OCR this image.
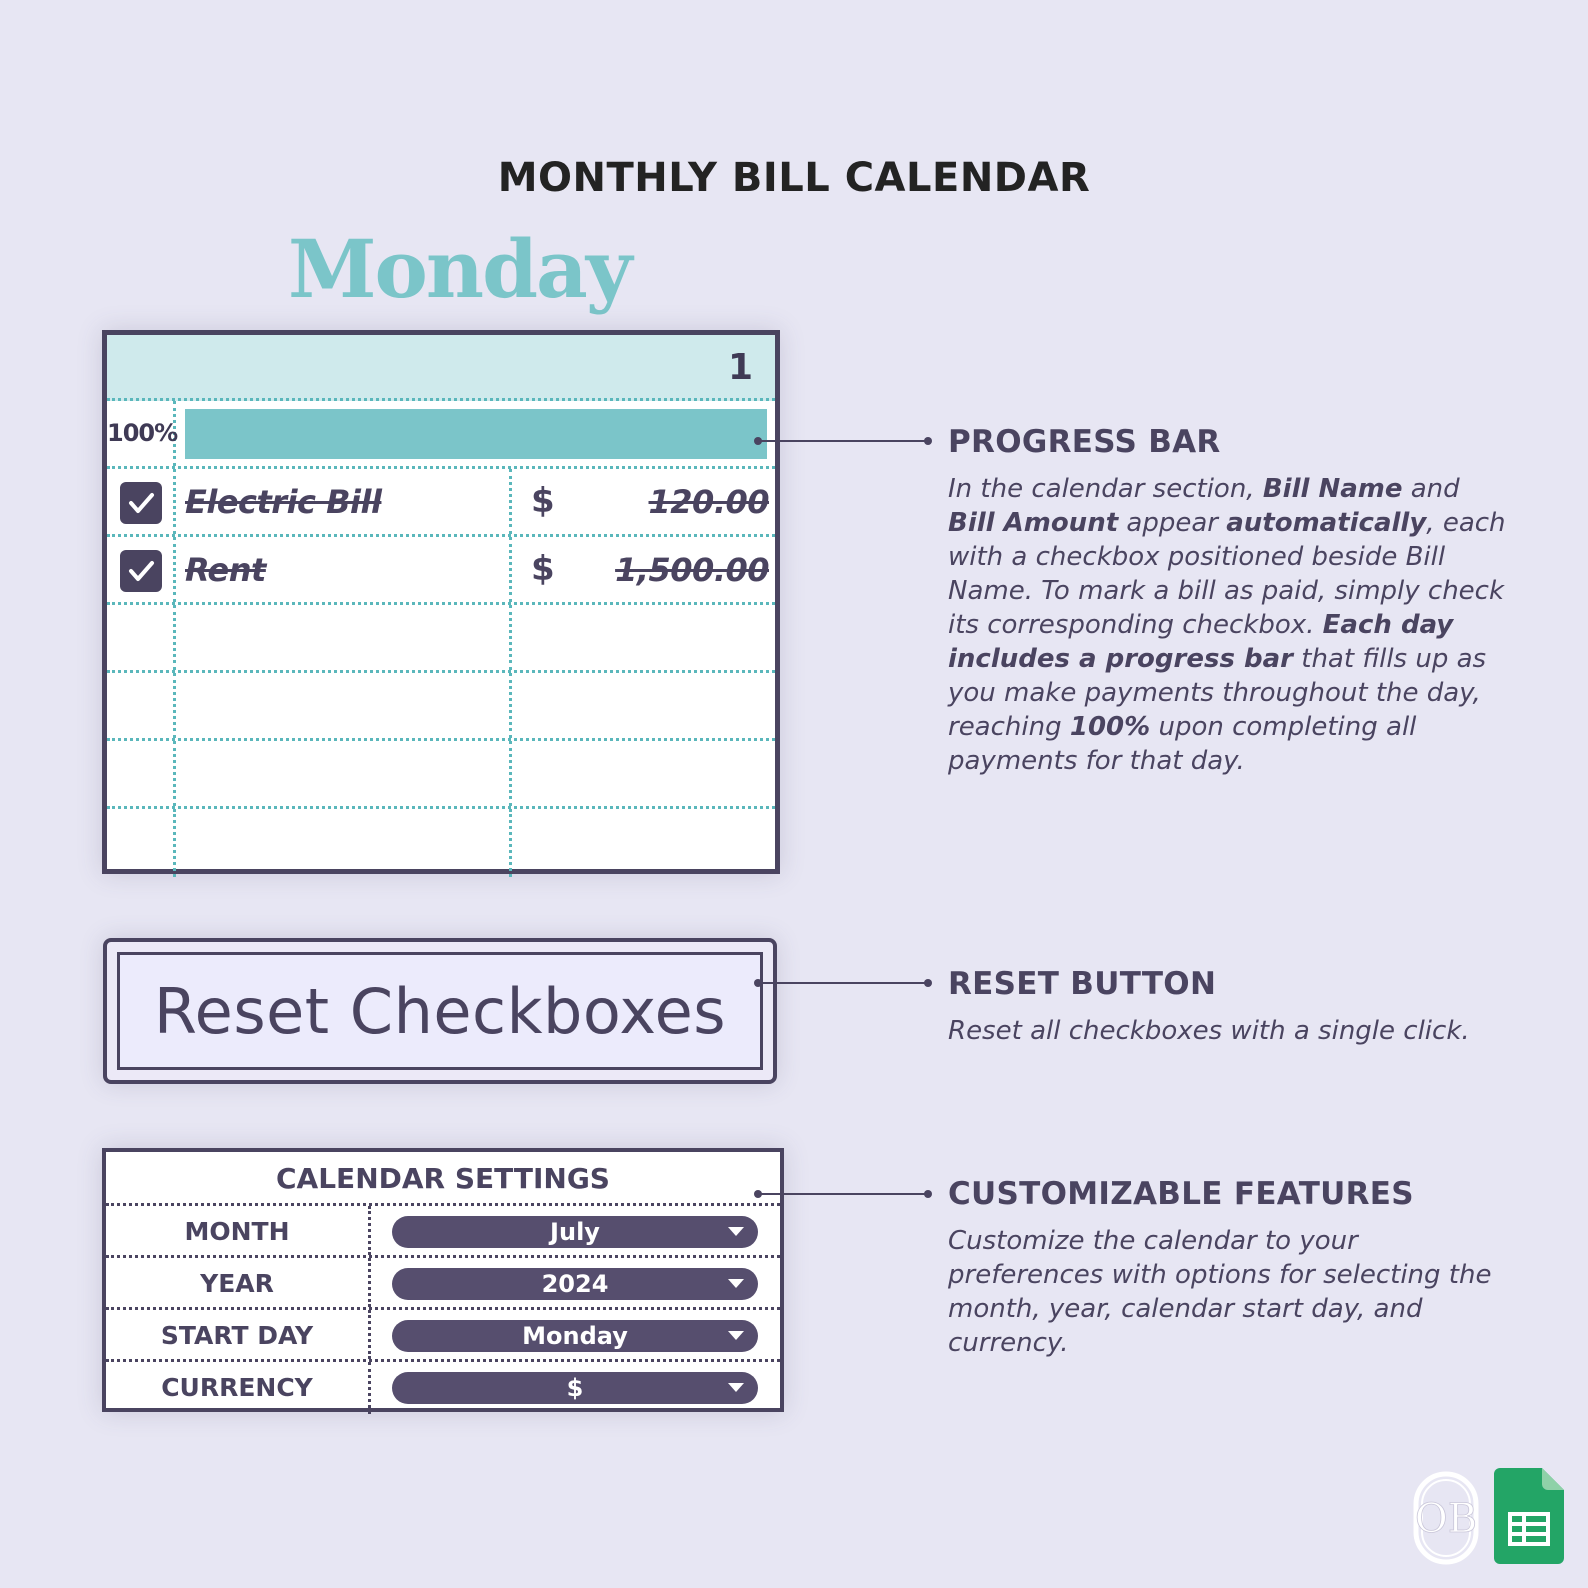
MONTHLY BILL CALENDAR
Monday
1
100%
Electric Bill	$	120.00
Rent	$ 1,500.00
Reset Checkboxes
CALENDAR SETTINGS
MONTH	July
YEAR	2024
START DAY	Monday
CURRENCY	$
PROGRESS BAR
In the calendar section, Bill Name and Bill Amount appear automatically, each with a checkbox positioned beside Bill Name. To mark a bill as paid, simply check its corresponding checkbox. Each day includes a progress bar that fills up as you make payments throughout the day, reaching 100% upon completing all payments for that day.
RESET BUTTON
Reset all checkboxes with a single click.
CUSTOMIZABLE FEATURES
Customize the calendar to your preferences with options for selecting the month, year, calendar start day, and currency.
OB
